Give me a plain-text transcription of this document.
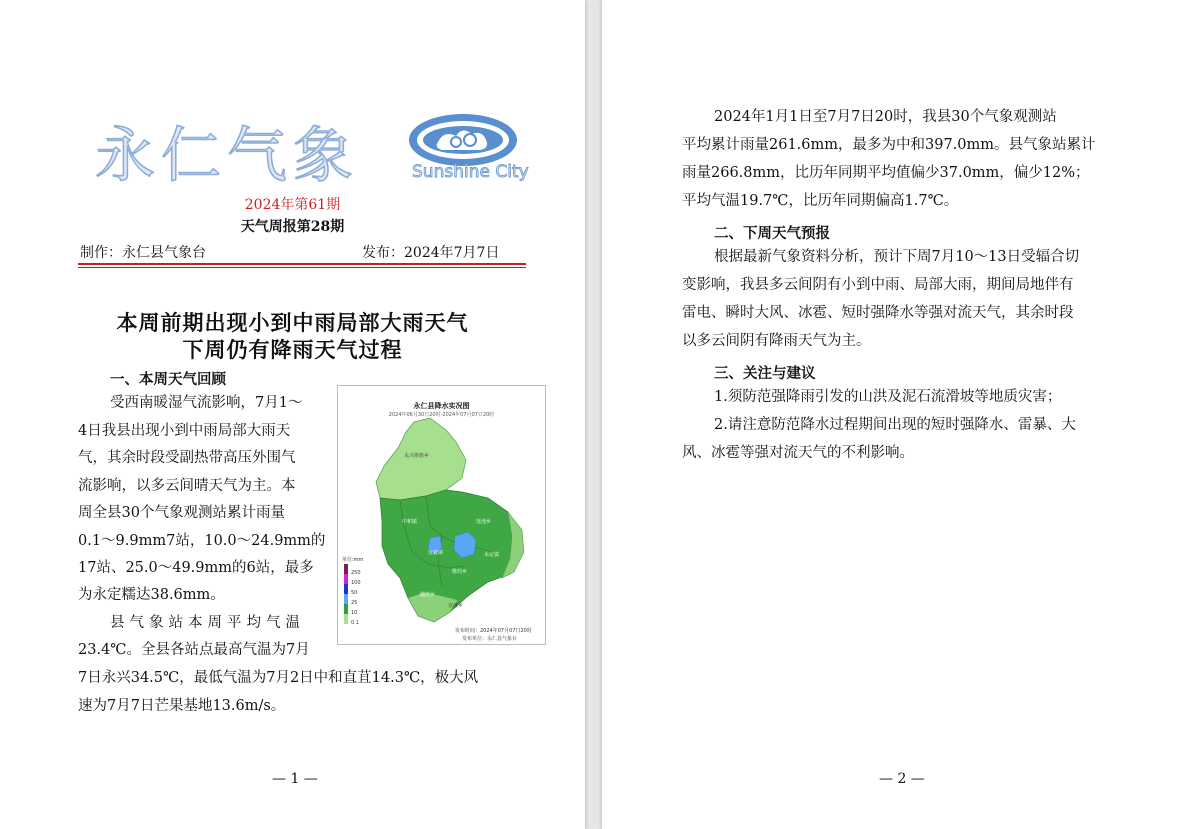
永仁气象	Sunshine City
2024年第61期
天气周报第28期
制作：永仁县气象台	发布：2024年7月7日
本周前期出现小到中雨局部大雨天气
下周仍有降雨天气过程
一、本周天气回顾
受西南暖湿气流影响，7月1～
4日我县出现小到中雨局部大雨天
气，其余时段受副热带高压外围气
流影响，以多云间晴天气为主。本
周全县30个气象观测站累计雨量
0.1～9.9mm7站，10.0～24.9mm的
17站、25.0～49.9mm的6站，最多
为永定糯达38.6mm。
县气象站本周平均气温
23.4℃。全县各站点最高气温为7月
7日永兴34.5℃，最低气温为7月2日中和直苴14.3℃，极大风
速为7月7日芒果基地13.6m/s。
永仁县降水实况图
2024年06月30日20时-2024年07月07日20时
永兴傣族乡
中和镇	莲池乡
宜就镇	永定镇
维的乡
猛虎乡
宜就乡
单位:mm
250
100
50
25
10
0.1
发布时间：2024年07月07日20时
发布单位：永仁县气象台
— 1 —
2024年1月1日至7月7日20时，我县30个气象观测站
平均累计雨量261.6mm，最多为中和397.0mm。县气象站累计
雨量266.8mm，比历年同期平均值偏少37.0mm，偏少12%；
平均气温19.7℃，比历年同期偏高1.7℃。
二、下周天气预报
根据最新气象资料分析，预计下周7月10～13日受辐合切
变影响，我县多云间阴有小到中雨、局部大雨，期间局地伴有
雷电、瞬时大风、冰雹、短时强降水等强对流天气，其余时段
以多云间阴有降雨天气为主。
三、关注与建议
1.须防范强降雨引发的山洪及泥石流滑坡等地质灾害；
2.请注意防范降水过程期间出现的短时强降水、雷暴、大
风、冰雹等强对流天气的不利影响。
— 2 —
